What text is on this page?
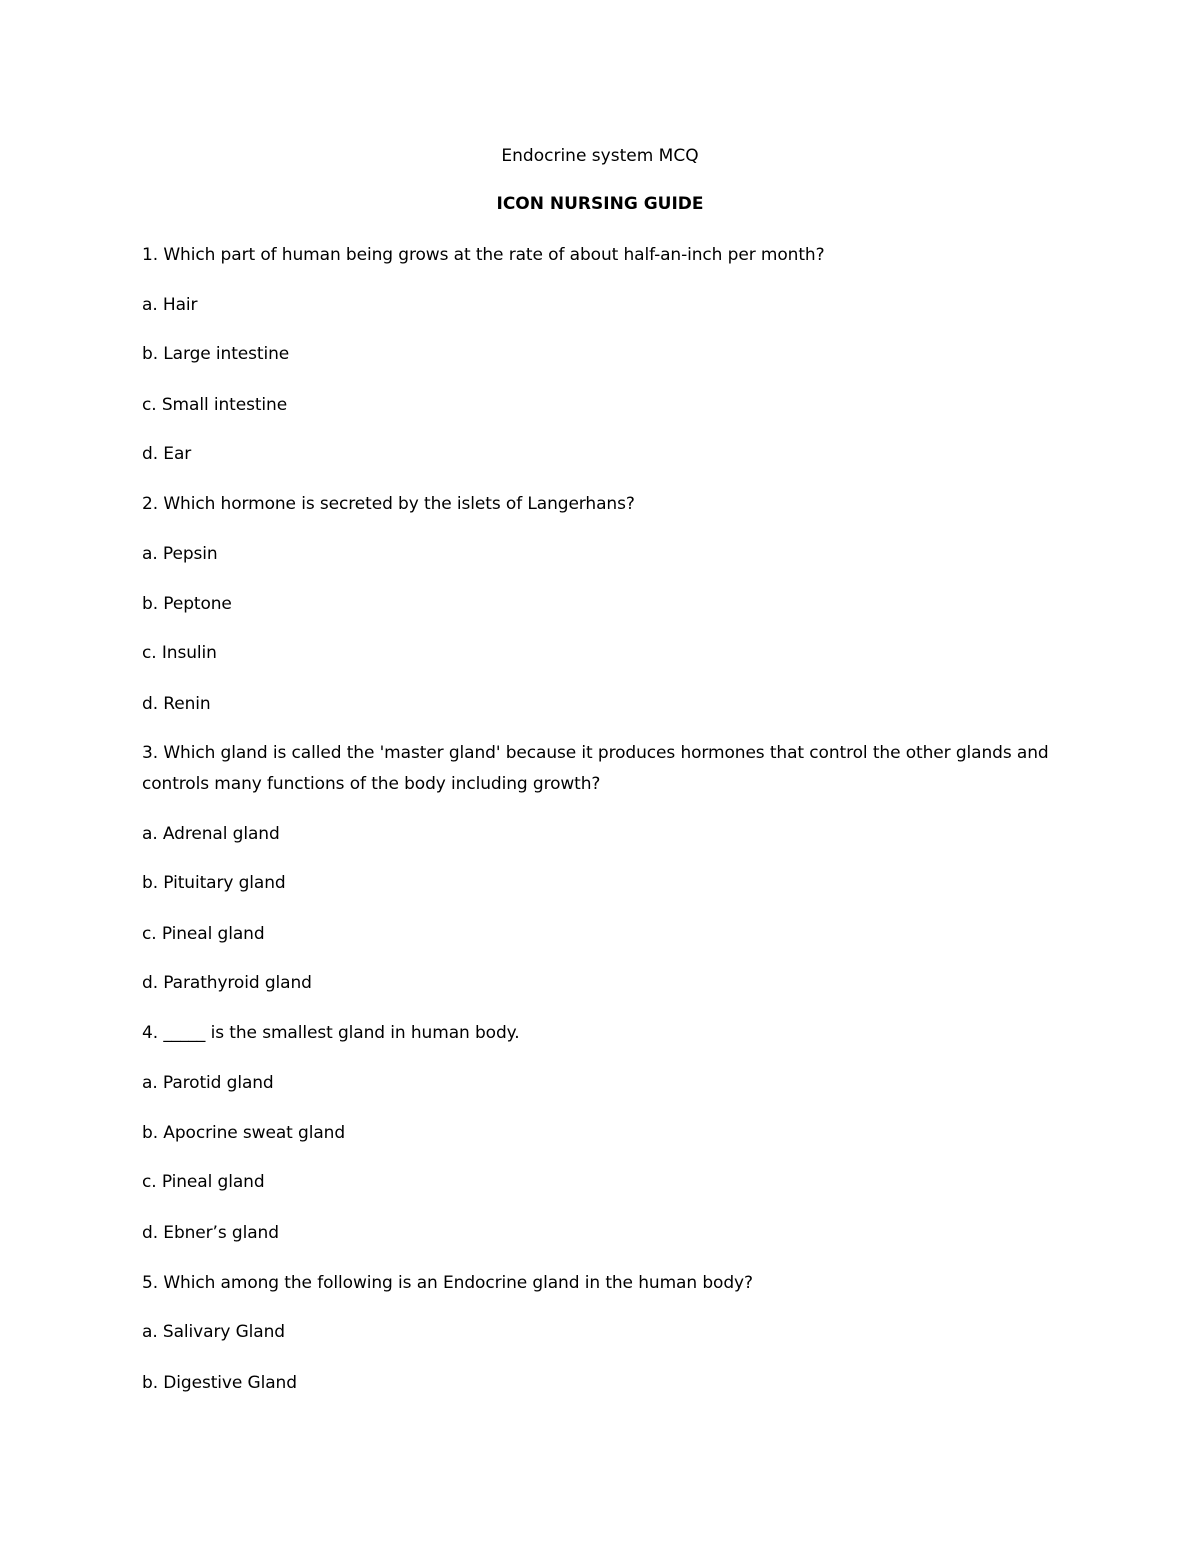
Endocrine system MCQ
ICON NURSING GUIDE
1. Which part of human being grows at the rate of about half-an-inch per month?
a. Hair
b. Large intestine
c. Small intestine
d. Ear
2. Which hormone is secreted by the islets of Langerhans?
a. Pepsin
b. Peptone
c. Insulin
d. Renin
3. Which gland is called the 'master gland' because it produces hormones that control the other glands and controls many functions of the body including growth?
a. Adrenal gland
b. Pituitary gland
c. Pineal gland
d. Parathyroid gland
4. _____ is the smallest gland in human body.
a. Parotid gland
b. Apocrine sweat gland
c. Pineal gland
d. Ebner’s gland
5. Which among the following is an Endocrine gland in the human body?
a. Salivary Gland
b. Digestive Gland
